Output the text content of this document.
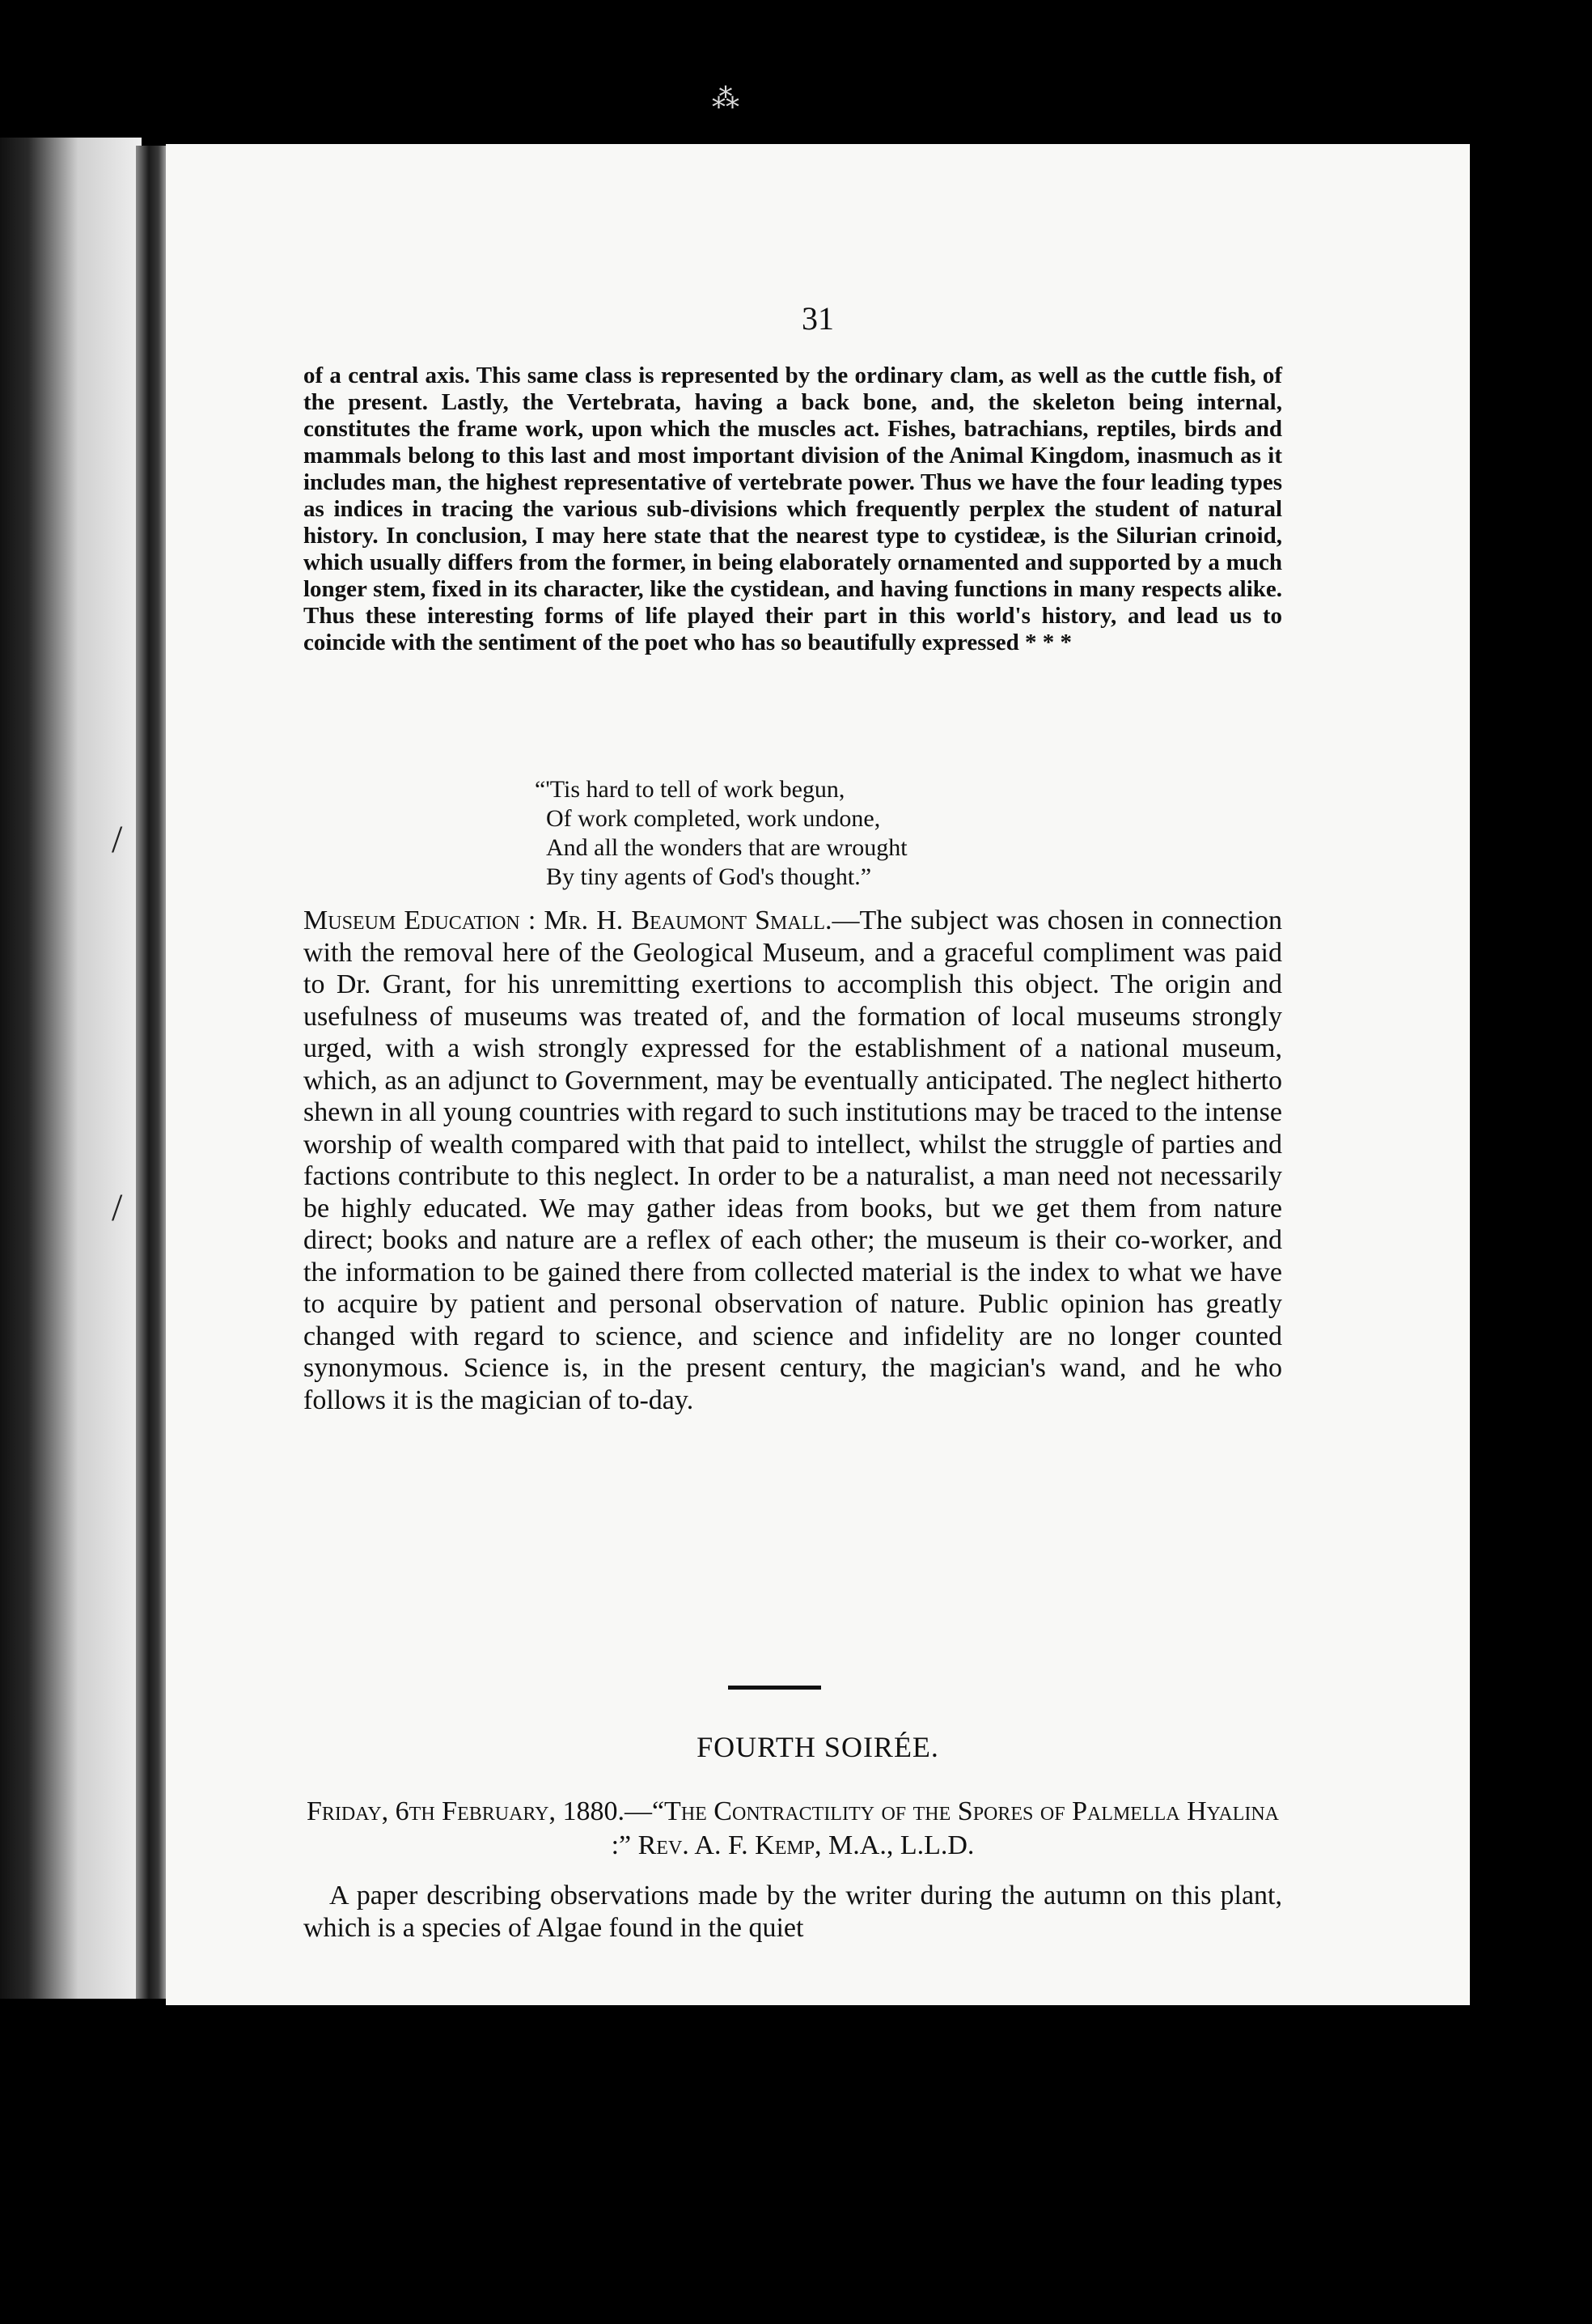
⁂
31
of a central axis. This same class is represented by the ordinary clam, as well as the cuttle fish, of the present. Lastly, the Vertebrata, having a back bone, and, the skeleton being internal, constitutes the frame work, upon which the muscles act. Fishes, batrachians, reptiles, birds and mammals belong to this last and most important division of the Animal Kingdom, inasmuch as it includes man, the highest representative of vertebrate power. Thus we have the four leading types as indices in tracing the various sub-divisions which frequently perplex the student of natural history. In conclusion, I may here state that the nearest type to cystideæ, is the Silurian crinoid, which usually differs from the former, in being elaborately ornamented and supported by a much longer stem, fixed in its character, like the cystidean, and having functions in many respects alike. Thus these interesting forms of life played their part in this world's history, and lead us to coincide with the sentiment of the poet who has so beautifully expressed * * *
“'Tis hard to tell of work begun,
Of work completed, work undone,
And all the wonders that are wrought
By tiny agents of God's thought.”
Museum Education : Mr. H. Beaumont Small.—The subject was chosen in connection with the removal here of the Geological Museum, and a graceful compliment was paid to Dr. Grant, for his unremitting exertions to accomplish this object. The origin and usefulness of museums was treated of, and the formation of local museums strongly urged, with a wish strongly expressed for the establishment of a national museum, which, as an adjunct to Government, may be eventually anticipated. The neglect hitherto shewn in all young countries with regard to such institutions may be traced to the intense worship of wealth compared with that paid to intellect, whilst the struggle of parties and factions contribute to this neglect. In order to be a naturalist, a man need not necessarily be highly educated. We may gather ideas from books, but we get them from nature direct; books and nature are a reflex of each other; the museum is their co-worker, and the information to be gained there from collected material is the index to what we have to acquire by patient and personal observation of nature. Public opinion has greatly changed with regard to science, and science and infidelity are no longer counted synonymous. Science is, in the present century, the magician's wand, and he who follows it is the magician of to-day.
FOURTH SOIRÉE.
Friday, 6th February, 1880.—“The Contractility of the Spores of Palmella Hyalina :” Rev. A. F. Kemp, M.A., L.L.D.
A paper describing observations made by the writer during the autumn on this plant, which is a species of Algae found in the quiet
/
/
